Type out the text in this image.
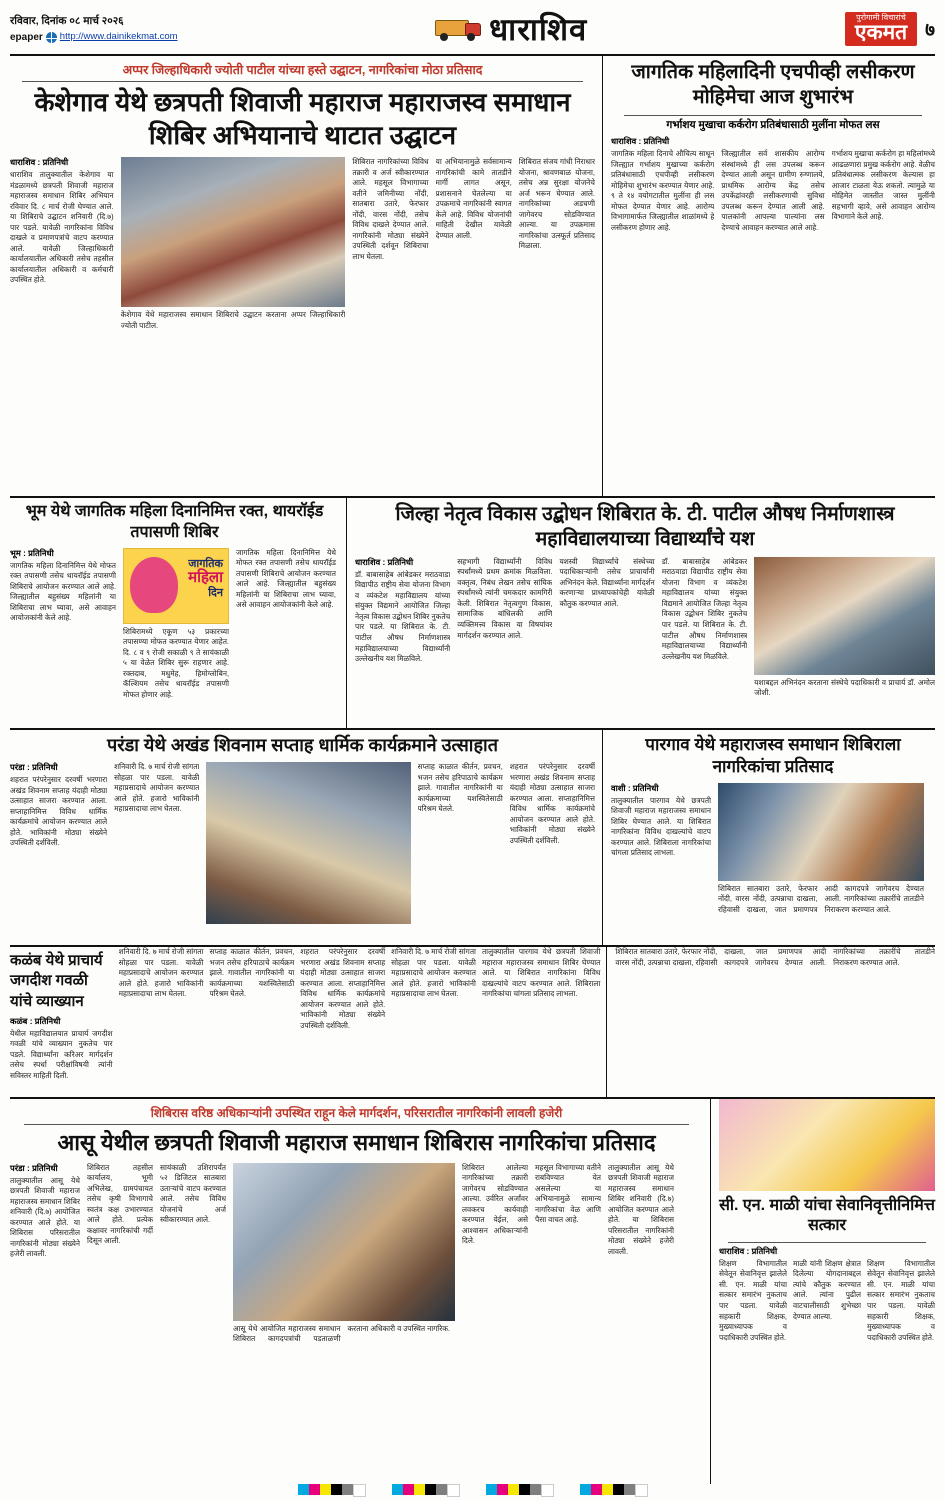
रविवार, दिनांक ०८ मार्च २०२६
epaper http://www.dainikekmat.com	धाराशिव	पुरोगामी विचारांचे
एकमत ७
अप्पर जिल्हाधिकारी ज्योती पाटील यांच्या हस्ते उद्घाटन, नागरिकांचा मोठा प्रतिसाद
केशेगाव येथे छत्रपती शिवाजी महाराज महाराजस्व समाधान शिबिर अभियानाचे थाटात उद्घाटन
धाराशिव : प्रतिनिधी
धाराशिव तालुक्यातील केशेगाव या मंडळामध्ये छत्रपती शिवाजी महाराज महाराजस्व समाधान शिबिर अभियान रविवार दि. ८ मार्च रोजी घेण्यात आले. या शिबिराचे उद्घाटन शनिवारी (दि.७) पार पडले. यावेळी नागरिकांना विविध दाखले व प्रमाणपत्रांचे वाटप करण्यात आले. यावेळी जिल्हाधिकारी कार्यालयातील अधिकारी तसेच तहसील कार्यालयातील अधिकारी व कर्मचारी उपस्थित होते.
केशेगाव येथे महाराजस्व समाधान शिबिराचे उद्घाटन करताना अप्पर जिल्हाधिकारी ज्योती पाटील.
शिबिरात नागरिकांच्या विविध तक्रारी व अर्ज स्वीकारण्यात आले. महसूल विभागाच्या वतीने जमिनीच्या नोंदी, सातबारा उतारे, फेरफार नोंदी, वारस नोंदी, तसेच विविध दाखले देण्यात आले. नागरिकांनी मोठ्या संख्येने उपस्थिती दर्शवून शिबिराचा लाभ घेतला.
या अभियानामुळे सर्वसामान्य नागरिकांची कामे तातडीने मार्गी लागत असून, प्रशासनाने घेतलेल्या या उपक्रमाचे नागरिकांनी स्वागत केले आहे. विविध योजनांची माहिती देखील यावेळी देण्यात आली.
शिबिरात संजय गांधी निराधार योजना, श्रावणबाळ योजना, तसेच अन्न सुरक्षा योजनेचे अर्ज भरून घेण्यात आले. नागरिकांच्या अडचणी जागेवरच सोडविण्यात आल्या. या उपक्रमास नागरिकांचा उत्स्फूर्त प्रतिसाद मिळाला.
जागतिक महिलादिनी एचपीव्ही लसीकरण मोहिमेचा आज शुभारंभ
गर्भाशय मुखाचा कर्करोग प्रतिबंधासाठी मुलींना मोफत लस
धाराशिव : प्रतिनिधी
जागतिक महिला दिनाचे औचित्य साधून जिल्ह्यात गर्भाशय मुखाच्या कर्करोग प्रतिबंधासाठी एचपीव्ही लसीकरण मोहिमेचा शुभारंभ करण्यात येणार आहे. ९ ते १४ वयोगटातील मुलींना ही लस मोफत देण्यात येणार आहे. आरोग्य विभागामार्फत जिल्ह्यातील शाळांमध्ये हे लसीकरण होणार आहे.
जिल्ह्यातील सर्व शासकीय आरोग्य संस्थांमध्ये ही लस उपलब्ध करून देण्यात आली असून ग्रामीण रुग्णालये, प्राथमिक आरोग्य केंद्र तसेच उपकेंद्रांवरही लसीकरणाची सुविधा उपलब्ध करून देण्यात आली आहे. पालकांनी आपल्या पाल्यांना लस देण्याचे आवाहन करण्यात आले आहे.
गर्भाशय मुखाचा कर्करोग हा महिलांमध्ये आढळणारा प्रमुख कर्करोग आहे. वेळीच प्रतिबंधात्मक लसीकरण केल्यास हा आजार टाळता येऊ शकतो. त्यामुळे या मोहिमेत जास्तीत जास्त मुलींनी सहभागी व्हावे, असे आवाहन आरोग्य विभागाने केले आहे.
भूम येथे जागतिक महिला दिनानिमित्त रक्त, थायरॉईड तपासणी शिबिर
भूम : प्रतिनिधी
जागतिक महिला दिनानिमित्त येथे मोफत रक्त तपासणी तसेच थायरॉईड तपासणी शिबिराचे आयोजन करण्यात आले आहे. जिल्ह्यातील बहुसंख्य महिलांनी या शिबिराचा लाभ घ्यावा, असे आवाहन आयोजकांनी केले आहे.
जागतिक
महिला
दिन
शिबिरामध्ये एकूण ५३ प्रकारच्या तपासण्या मोफत करण्यात येणार आहेत. दि. ८ व ९ रोजी सकाळी ९ ते सायंकाळी ५ या वेळेत शिबिर सुरू राहणार आहे. रक्तदाब, मधुमेह, हिमोग्लोबिन, कॅल्शियम तसेच थायरॉईड तपासणी मोफत होणार आहे.
जागतिक महिला दिनानिमित्त येथे मोफत रक्त तपासणी तसेच थायरॉईड तपासणी शिबिराचे आयोजन करण्यात आले आहे. जिल्ह्यातील बहुसंख्य महिलांनी या शिबिराचा लाभ घ्यावा, असे आवाहन आयोजकांनी केले आहे.
जिल्हा नेतृत्व विकास उद्बोधन शिबिरात के. टी. पाटील औषध निर्माणशास्त्र महाविद्यालयाच्या विद्यार्थ्यांचे यश
धाराशिव : प्रतिनिधी
डॉ. बाबासाहेब आंबेडकर मराठवाडा विद्यापीठ राष्ट्रीय सेवा योजना विभाग व व्यंकटेश महाविद्यालय यांच्या संयुक्त विद्यमाने आयोजित जिल्हा नेतृत्व विकास उद्बोधन शिबिर नुकतेच पार पडले. या शिबिरात के. टी. पाटील औषध निर्माणशास्त्र महाविद्यालयाच्या विद्यार्थ्यांनी उल्लेखनीय यश मिळविले.
सहभागी विद्यार्थ्यांनी विविध स्पर्धांमध्ये प्रथम क्रमांक मिळविला. वक्तृत्व, निबंध लेखन तसेच सांघिक स्पर्धांमध्ये त्यांनी चमकदार कामगिरी केली. शिबिरात नेतृत्वगुण विकास, सामाजिक बांधिलकी आणि व्यक्तिमत्त्व विकास या विषयांवर मार्गदर्शन करण्यात आले.
यशस्वी विद्यार्थ्यांचे संस्थेच्या पदाधिकाऱ्यांनी तसेच प्राचार्यांनी अभिनंदन केले. विद्यार्थ्यांना मार्गदर्शन करणाऱ्या प्राध्यापकांचेही यावेळी कौतुक करण्यात आले.
डॉ. बाबासाहेब आंबेडकर मराठवाडा विद्यापीठ राष्ट्रीय सेवा योजना विभाग व व्यंकटेश महाविद्यालय यांच्या संयुक्त विद्यमाने आयोजित जिल्हा नेतृत्व विकास उद्बोधन शिबिर नुकतेच पार पडले. या शिबिरात के. टी. पाटील औषध निर्माणशास्त्र महाविद्यालयाच्या विद्यार्थ्यांनी उल्लेखनीय यश मिळविले.
यशाबद्दल अभिनंदन करताना संस्थेचे पदाधिकारी व प्राचार्य डॉ. अमोल जोशी.
परंडा येथे अखंड शिवनाम सप्ताह धार्मिक कार्यक्रमाने उत्साहात
परंडा : प्रतिनिधी
शहरात परंपरेनुसार दरवर्षी भरणारा अखंड शिवनाम सप्ताह यंदाही मोठ्या उत्साहात साजरा करण्यात आला. सप्ताहानिमित्त विविध धार्मिक कार्यक्रमांचे आयोजन करण्यात आले होते. भाविकांनी मोठ्या संख्येने उपस्थिती दर्शविली.
शनिवारी दि. ७ मार्च रोजी सांगता सोहळा पार पडला. यावेळी महाप्रसादाचे आयोजन करण्यात आले होते. हजारो भाविकांनी महाप्रसादाचा लाभ घेतला.
सप्ताह काळात कीर्तन, प्रवचन, भजन तसेच हरिपाठाचे कार्यक्रम झाले. गावातील नागरिकांनी या कार्यक्रमाच्या यशस्वितेसाठी परिश्रम घेतले.
शहरात परंपरेनुसार दरवर्षी भरणारा अखंड शिवनाम सप्ताह यंदाही मोठ्या उत्साहात साजरा करण्यात आला. सप्ताहानिमित्त विविध धार्मिक कार्यक्रमांचे आयोजन करण्यात आले होते. भाविकांनी मोठ्या संख्येने उपस्थिती दर्शविली.
पारगाव येथे महाराजस्व समाधान शिबिराला नागरिकांचा प्रतिसाद
वाशी : प्रतिनिधी
तालुक्यातील पारगाव येथे छत्रपती शिवाजी महाराज महाराजस्व समाधान शिबिर घेण्यात आले. या शिबिरात नागरिकांना विविध दाखल्यांचे वाटप करण्यात आले. शिबिराला नागरिकांचा चांगला प्रतिसाद लाभला.
शिबिरात सातबारा उतारे, फेरफार नोंदी, वारस नोंदी, उत्पन्नाचा दाखला, रहिवासी दाखला, जात प्रमाणपत्र आदी कागदपत्रे जागेवरच देण्यात आली. नागरिकांच्या तक्रारींचे तातडीने निराकरण करण्यात आले.
कळंब येथे प्राचार्य जगदीश गवळी यांचे व्याख्यान
कळंब : प्रतिनिधी
येथील महाविद्यालयात प्राचार्य जगदीश गवळी यांचे व्याख्यान नुकतेच पार पडले. विद्यार्थ्यांना करिअर मार्गदर्शन तसेच स्पर्धा परीक्षांविषयी त्यांनी सविस्तर माहिती दिली.
शनिवारी दि. ७ मार्च रोजी सांगता सोहळा पार पडला. यावेळी महाप्रसादाचे आयोजन करण्यात आले होते. हजारो भाविकांनी महाप्रसादाचा लाभ घेतला.
सप्ताह काळात कीर्तन, प्रवचन, भजन तसेच हरिपाठाचे कार्यक्रम झाले. गावातील नागरिकांनी या कार्यक्रमाच्या यशस्वितेसाठी परिश्रम घेतले.
शहरात परंपरेनुसार दरवर्षी भरणारा अखंड शिवनाम सप्ताह यंदाही मोठ्या उत्साहात साजरा करण्यात आला. सप्ताहानिमित्त विविध धार्मिक कार्यक्रमांचे आयोजन करण्यात आले होते. भाविकांनी मोठ्या संख्येने उपस्थिती दर्शविली.
शनिवारी दि. ७ मार्च रोजी सांगता सोहळा पार पडला. यावेळी महाप्रसादाचे आयोजन करण्यात आले होते. हजारो भाविकांनी महाप्रसादाचा लाभ घेतला.
तालुक्यातील पारगाव येथे छत्रपती शिवाजी महाराज महाराजस्व समाधान शिबिर घेण्यात आले. या शिबिरात नागरिकांना विविध दाखल्यांचे वाटप करण्यात आले. शिबिराला नागरिकांचा चांगला प्रतिसाद लाभला.
शिबिरात सातबारा उतारे, फेरफार नोंदी, वारस नोंदी, उत्पन्नाचा दाखला, रहिवासी दाखला, जात प्रमाणपत्र आदी कागदपत्रे जागेवरच देण्यात आली. नागरिकांच्या तक्रारींचे तातडीने निराकरण करण्यात आले.
शिबिरास वरिष्ठ अधिकाऱ्यांनी उपस्थित राहून केले मार्गदर्शन, परिसरातील नागरिकांनी लावली हजेरी
आसू येथील छत्रपती शिवाजी महाराज समाधान शिबिरास नागरिकांचा प्रतिसाद
परंडा : प्रतिनिधी
तालुक्यातील आसू येथे छत्रपती शिवाजी महाराज महाराजस्व समाधान शिबिर शनिवारी (दि.७) आयोजित करण्यात आले होते. या शिबिरास परिसरातील नागरिकांनी मोठ्या संख्येने हजेरी लावली.
शिबिरात तहसील कार्यालय, भूमी अभिलेख, ग्रामपंचायत तसेच कृषी विभागाचे स्वतंत्र कक्ष उभारण्यात आले होते. प्रत्येक कक्षावर नागरिकांची गर्दी दिसून आली.
सायंकाळी उशिरापर्यंत ५२ डिजिटल सातबारा उताऱ्यांचे वाटप करण्यात आले. तसेच विविध योजनांचे अर्ज स्वीकारण्यात आले.
आसू येथे आयोजित महाराजस्व समाधान शिबिरात कागदपत्रांची पडताळणी करताना अधिकारी व उपस्थित नागरिक.
शिबिरात आलेल्या नागरिकांच्या तक्रारी जागेवरच सोडविण्यात आल्या. उर्वरित अर्जांवर लवकरच कार्यवाही करण्यात येईल, असे आश्वासन अधिकाऱ्यांनी दिले.
महसूल विभागाच्या वतीने राबविण्यात येत असलेल्या या अभियानामुळे सामान्य नागरिकांचा वेळ आणि पैसा वाचत आहे.
तालुक्यातील आसू येथे छत्रपती शिवाजी महाराज महाराजस्व समाधान शिबिर शनिवारी (दि.७) आयोजित करण्यात आले होते. या शिबिरास परिसरातील नागरिकांनी मोठ्या संख्येने हजेरी लावली.
सी. एन. माळी यांचा सेवानिवृत्तीनिमित्त सत्कार
धाराशिव : प्रतिनिधी
शिक्षण विभागातील सेवेतून सेवानिवृत्त झालेले सी. एन. माळी यांचा सत्कार समारंभ नुकताच पार पडला. यावेळी सहकारी शिक्षक, मुख्याध्यापक व पदाधिकारी उपस्थित होते.
माळी यांनी शिक्षण क्षेत्रात दिलेल्या योगदानाबद्दल त्यांचे कौतुक करण्यात आले. त्यांना पुढील वाटचालीसाठी शुभेच्छा देण्यात आल्या.
शिक्षण विभागातील सेवेतून सेवानिवृत्त झालेले सी. एन. माळी यांचा सत्कार समारंभ नुकताच पार पडला. यावेळी सहकारी शिक्षक, मुख्याध्यापक व पदाधिकारी उपस्थित होते.
